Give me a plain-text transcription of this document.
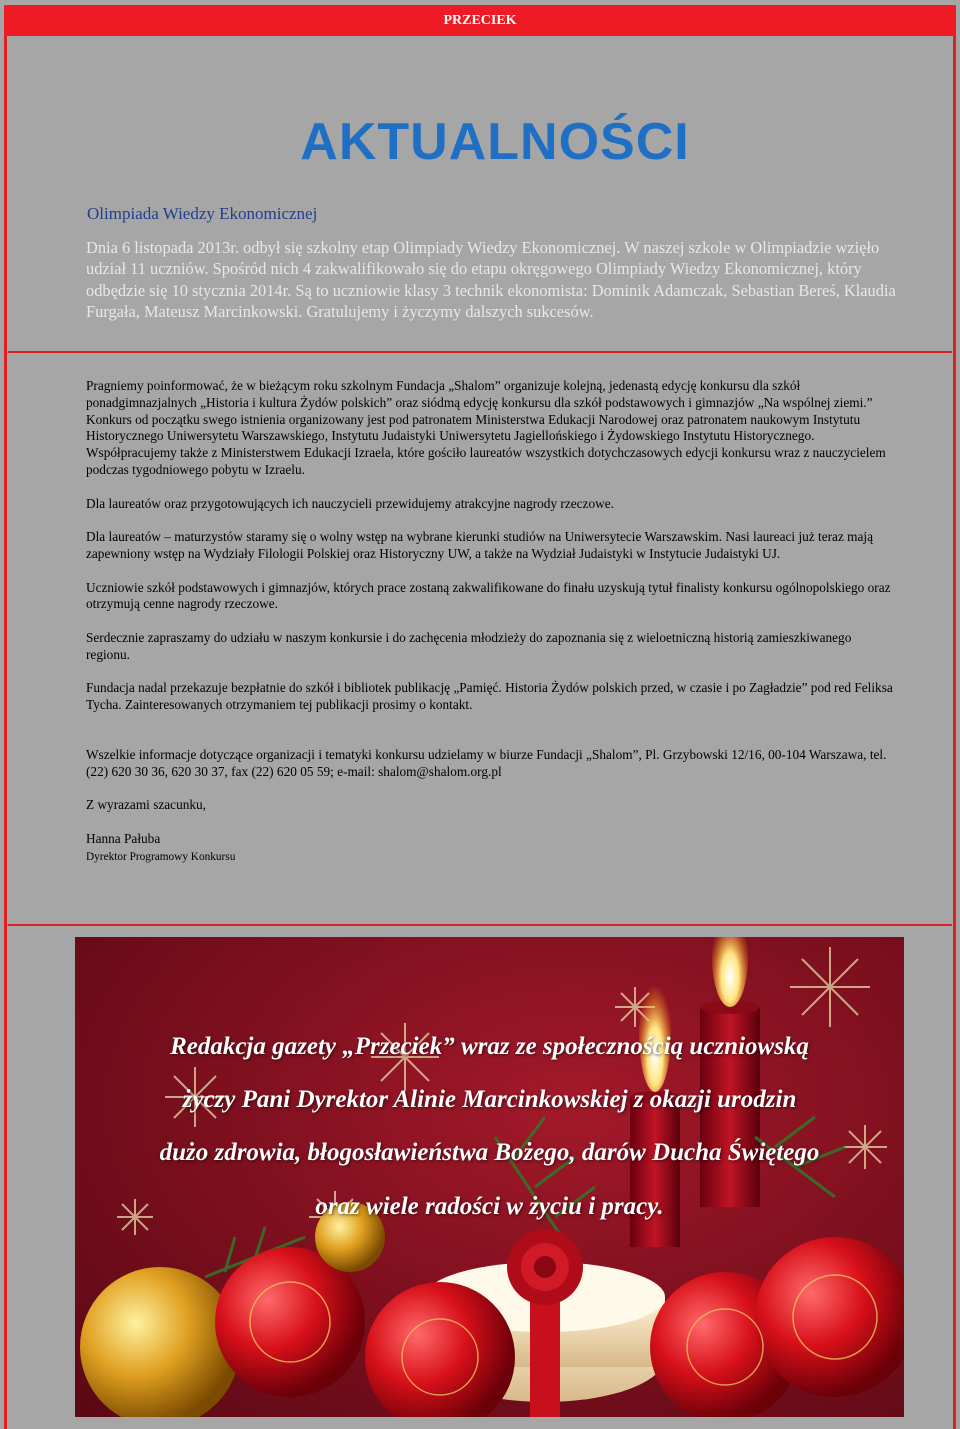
PRZECIEK
AKTUALNOŚCI
Olimpiada Wiedzy Ekonomicznej
Dnia 6 listopada 2013r. odbył się szkolny etap Olimpiady Wiedzy Ekonomicznej. W naszej szkole w Olimpiadzie wzięło udział 11 uczniów. Spośród nich 4 zakwalifikowało się do etapu okręgowego Olimpiady Wiedzy Ekonomicznej, który odbędzie się 10 stycznia 2014r. Są to uczniowie klasy 3 technik ekonomista: Dominik Adamczak, Sebastian Bereś, Klaudia Furgała, Mateusz Marcinkowski. Gratulujemy i życzymy dalszych sukcesów.

Pragniemy poinformować, że w bieżącym roku szkolnym Fundacja „Shalom” organizuje kolejną, jedenastą edycję konkursu dla szkół ponadgimnazjalnych „Historia i kultura Żydów polskich” oraz siódmą edycję konkursu dla szkół podstawowych i gimnazjów „Na wspólnej ziemi.” Konkurs od początku swego istnienia organizowany jest pod patronatem Ministerstwa Edukacji Narodowej oraz patronatem naukowym Instytutu Historycznego Uniwersytetu Warszawskiego, Instytutu Judaistyki Uniwersytetu Jagiellońskiego i Żydowskiego Instytutu Historycznego. Współpracujemy także z Ministerstwem Edukacji Izraela, które gościło laureatów wszystkich dotychczasowych edycji konkursu wraz z nauczycielem podczas tygodniowego pobytu w Izraelu.

Dla laureatów oraz przygotowujących ich nauczycieli przewidujemy atrakcyjne nagrody rzeczowe.

Dla laureatów – maturzystów staramy się o wolny wstęp na wybrane kierunki studiów na Uniwersytecie Warszawskim. Nasi laureaci już teraz mają zapewniony wstęp na Wydziały Filologii Polskiej oraz Historyczny UW, a także na Wydział Judaistyki w Instytucie Judaistyki UJ.

Uczniowie szkół podstawowych i gimnazjów, których prace zostaną zakwalifikowane do finału uzyskują tytuł finalisty konkursu ogólnopolskiego oraz otrzymują cenne nagrody rzeczowe.

Serdecznie zapraszamy do udziału w naszym konkursie i do zachęcenia młodzieży do zapoznania się z wieloetniczną historią zamieszkiwanego regionu.

Fundacja nadal przekazuje bezpłatnie do szkół i bibliotek publikację „Pamięć. Historia Żydów polskich przed, w czasie i po Zagładzie” pod red Feliksa Tycha. Zainteresowanych otrzymaniem tej publikacji prosimy o kontakt.

Wszelkie informacje dotyczące organizacji i tematyki konkursu udzielamy w biurze Fundacji „Shalom”, Pl. Grzybowski 12/16, 00-104 Warszawa, tel. (22) 620 30 36, 620 30 37, fax (22) 620 05 59; e-mail: shalom@shalom.org.pl

Z wyrazami szacunku,

Hanna Pałuba
Dyrektor Programowy Konkursu

Redakcja gazety „Przeciek” wraz ze społecznością uczniowską
życzy Pani Dyrektor Alinie Marcinkowskiej z okazji urodzin
dużo zdrowia, błogosławieństwa Bożego, darów Ducha Świętego
oraz wiele radości w życiu i pracy.
